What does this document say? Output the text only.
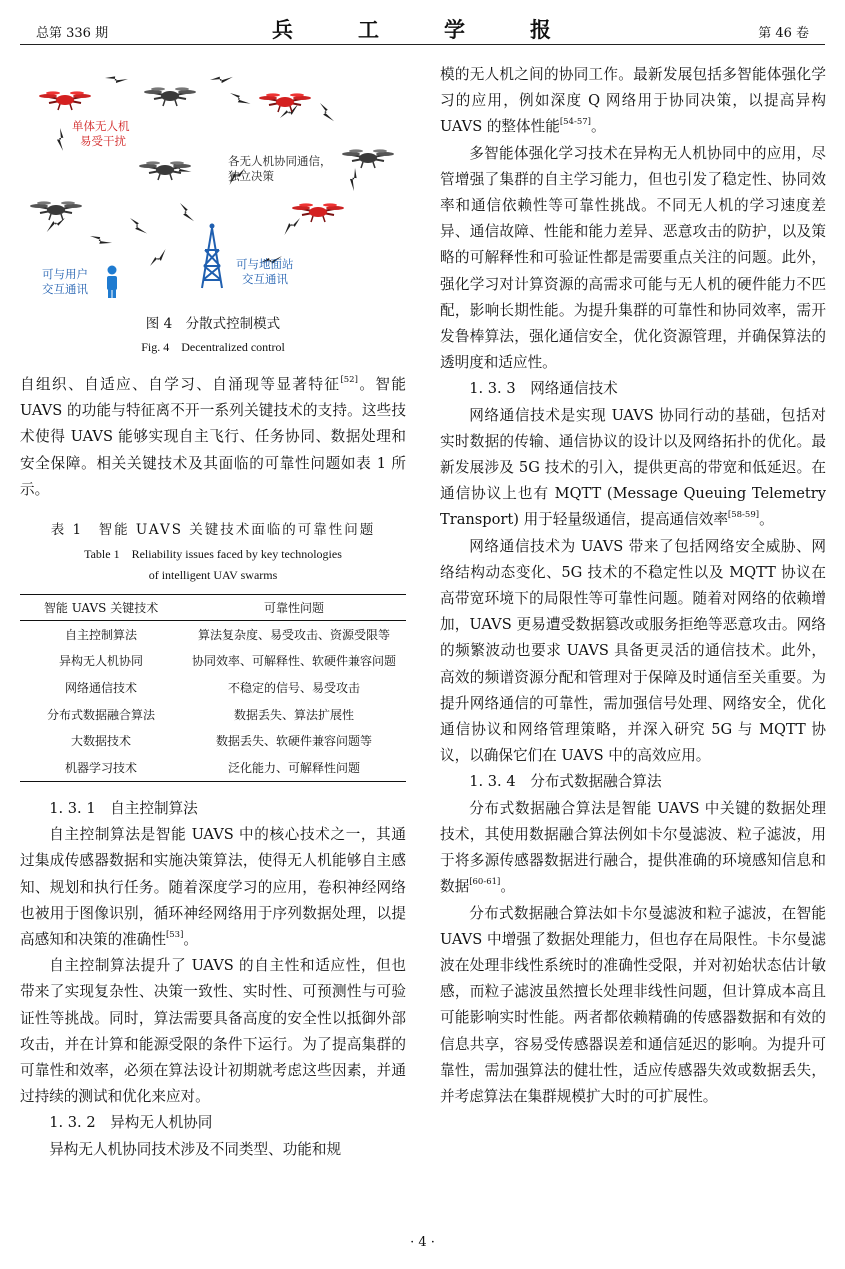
总第 336 期	兵　工　学　报	第 46 卷
单体无人机
易受干扰
各无人机协同通信，
独立决策
可与用户
交互通讯
可与地面站
交互通讯
图 4　分散式控制模式
Fig. 4　Decentralized control

自组织、自适应、自学习、自涌现等显著特征[52]。智能 UAVS 的功能与特征离不开一系列关键技术的支持。这些技术使得 UAVS 能够实现自主飞行、任务协同、数据处理和安全保障。相关关键技术及其面临的可靠性问题如表 1 所示。

表 1　智能 UAVS 关键技术面临的可靠性问题
Table 1　Reliability issues faced by key technologies
of intelligent UAV swarms
智能 UAVS 关键技术	可靠性问题
自主控制算法	算法复杂度、易受攻击、资源受限等
异构无人机协同	协同效率、可解释性、软硬件兼容问题
网络通信技术	不稳定的信号、易受攻击
分布式数据融合算法	数据丢失、算法扩展性
大数据技术	数据丢失、软硬件兼容问题等
机器学习技术	泛化能力、可解释性问题

1. 3. 1　自主控制算法

自主控制算法是智能 UAVS 中的核心技术之一，其通过集成传感器数据和实施决策算法，使得无人机能够自主感知、规划和执行任务。随着深度学习的应用，卷积神经网络也被用于图像识别，循环神经网络用于序列数据处理，以提高感知和决策的准确性[53]。

自主控制算法提升了 UAVS 的自主性和适应性，但也带来了实现复杂性、决策一致性、实时性、可预测性与可验证性等挑战。同时，算法需要具备高度的安全性以抵御外部攻击，并在计算和能源受限的条件下运行。为了提高集群的可靠性和效率，必须在算法设计初期就考虑这些因素，并通过持续的测试和优化来应对。

1. 3. 2　异构无人机协同

异构无人机协同技术涉及不同类型、功能和规

模的无人机之间的协同工作。最新发展包括多智能体强化学习的应用，例如深度 Q 网络用于协同决策，以提高异构 UAVS 的整体性能[54-57]。

多智能体强化学习技术在异构无人机协同中的应用，尽管增强了集群的自主学习能力，但也引发了稳定性、协同效率和通信依赖性等可靠性挑战。不同无人机的学习速度差异、通信故障、性能和能力差异、恶意攻击的防护，以及策略的可解释性和可验证性都是需要重点关注的问题。此外，强化学习对计算资源的高需求可能与无人机的硬件能力不匹配，影响长期性能。为提升集群的可靠性和协同效率，需开发鲁棒算法，强化通信安全，优化资源管理，并确保算法的透明度和适应性。

1. 3. 3　网络通信技术

网络通信技术是实现 UAVS 协同行动的基础，包括对实时数据的传输、通信协议的设计以及网络拓扑的优化。最新发展涉及 5G 技术的引入，提供更高的带宽和低延迟。在通信协议上也有 MQTT (Message Queuing Telemetry Transport) 用于轻量级通信，提高通信效率[58-59]。

网络通信技术为 UAVS 带来了包括网络安全威胁、网络结构动态变化、5G 技术的不稳定性以及 MQTT 协议在高带宽环境下的局限性等可靠性问题。随着对网络的依赖增加，UAVS 更易遭受数据篡改或服务拒绝等恶意攻击。网络的频繁波动也要求 UAVS 具备更灵活的通信技术。此外，高效的频谱资源分配和管理对于保障及时通信至关重要。为提升网络通信的可靠性，需加强信号处理、网络安全，优化通信协议和网络管理策略，并深入研究 5G 与 MQTT 协议，以确保它们在 UAVS 中的高效应用。

1. 3. 4　分布式数据融合算法

分布式数据融合算法是智能 UAVS 中关键的数据处理技术，其使用数据融合算法例如卡尔曼滤波、粒子滤波，用于将多源传感器数据进行融合，提供准确的环境感知信息和数据[60-61]。

分布式数据融合算法如卡尔曼滤波和粒子滤波，在智能 UAVS 中增强了数据处理能力，但也存在局限性。卡尔曼滤波在处理非线性系统时的准确性受限，并对初始状态估计敏感，而粒子滤波虽然擅长处理非线性问题，但计算成本高且可能影响实时性能。两者都依赖精确的传感器数据和有效的信息共享，容易受传感器误差和通信延迟的影响。为提升可靠性，需加强算法的健壮性，适应传感器失效或数据丢失，并考虑算法在集群规模扩大时的可扩展性。

· 4 ·
